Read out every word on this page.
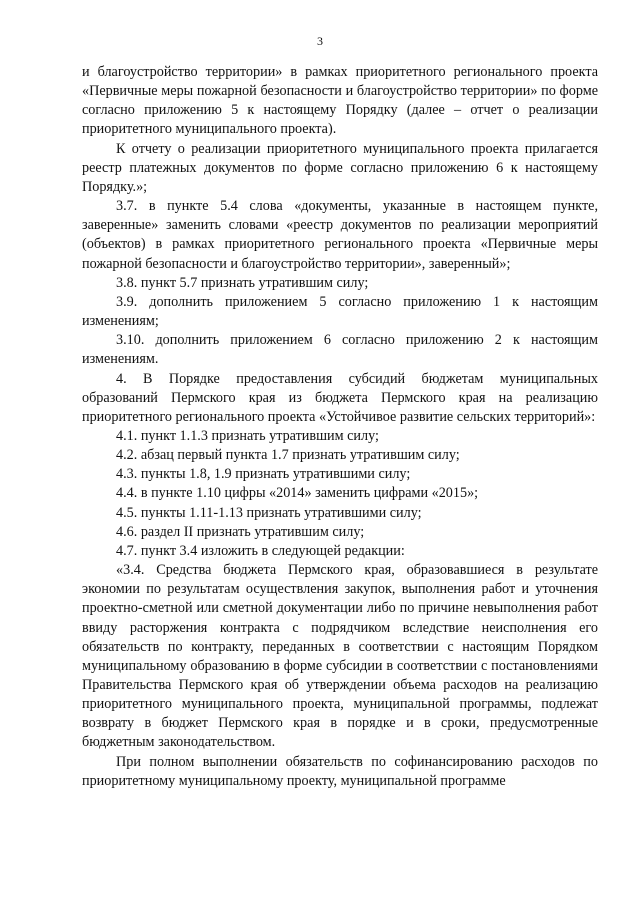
3

и благоустройство территории» в рамках приоритетного регионального проекта «Первичные меры пожарной безопасности и благоустройство территории» по форме согласно приложению 5 к настоящему Порядку (далее – отчет о реализации приоритетного муниципального проекта).

К отчету о реализации приоритетного муниципального проекта прилагается реестр платежных документов по форме согласно приложению 6 к настоящему Порядку.»;

3.7. в пункте 5.4 слова «документы, указанные в настоящем пункте, заверенные» заменить словами «реестр документов по реализации мероприятий (объектов) в рамках приоритетного регионального проекта «Первичные меры пожарной безопасности и благоустройство территории», заверенный»;

3.8. пункт 5.7 признать утратившим силу;

3.9. дополнить приложением 5 согласно приложению 1 к настоящим изменениям;

3.10. дополнить приложением 6 согласно приложению 2 к настоящим изменениям.

4. В Порядке предоставления субсидий бюджетам муниципальных образований Пермского края из бюджета Пермского края на реализацию приоритетного регионального проекта «Устойчивое развитие сельских территорий»:

4.1. пункт 1.1.3 признать утратившим силу;

4.2. абзац первый пункта 1.7 признать утратившим силу;

4.3. пункты 1.8, 1.9 признать утратившими силу;

4.4. в пункте 1.10 цифры «2014» заменить цифрами «2015»;

4.5. пункты 1.11-1.13 признать утратившими силу;

4.6. раздел II признать утратившим силу;

4.7. пункт 3.4 изложить в следующей редакции:

«3.4. Средства бюджета Пермского края, образовавшиеся в результате экономии по результатам осуществления закупок, выполнения работ и уточнения проектно-сметной или сметной документации либо по причине невыполнения работ ввиду расторжения контракта с подрядчиком вследствие неисполнения его обязательств по контракту, переданных в соответствии с настоящим Порядком муниципальному образованию в форме субсидии в соответствии с постановлениями Правительства Пермского края об утверждении объема расходов на реализацию приоритетного муниципального проекта, муниципальной программы, подлежат возврату в бюджет Пермского края в порядке и в сроки, предусмотренные бюджетным законодательством.

При полном выполнении обязательств по софинансированию расходов по приоритетному муниципальному проекту, муниципальной программе
